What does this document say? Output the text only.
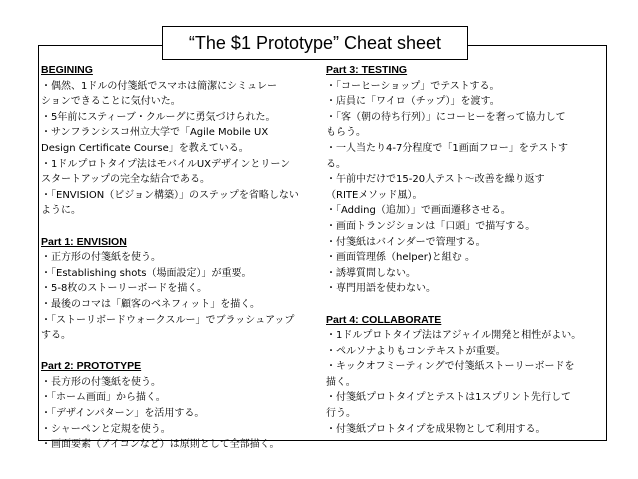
“The $1 Prototype” Cheat sheet
BEGINING
・偶然、1ドルの付箋紙でスマホは簡潔にシミュレー
ションできることに気付いた。
・5年前にスティーブ・クルーグに勇気づけられた。
・サンフランシスコ州立大学で「Agile Mobile UX
Design Certificate Course」を教えている。
・1ドルプロトタイプ法はモバイルUXデザインとリーン
スタートアップの完全な結合である。
・「ENVISION（ビジョン構築）」のステップを省略しない
ように。
Part 1: ENVISION
・正方形の付箋紙を使う。
・「Establishing shots（場面設定）」が重要。
・5-8枚のストーリーボードを描く。
・最後のコマは「顧客のベネフィット」を描く。
・「ストーリボードウォークスルー」でブラッシュアップ
する。
Part 2: PROTOTYPE
・長方形の付箋紙を使う。
・「ホーム画面」から描く。
・「デザインパターン」を活用する。
・シャーペンと定規を使う。
・画面要素（アイコンなど）は原則として全部描く。
Part 3: TESTING
・「コーヒーショップ」でテストする。
・店員に「ワイロ（チップ）」を渡す。
・「客（朝の待ち行列）」にコーヒーを奢って協力して
もらう。
・一人当たり4-7分程度で「1画面フロー」をテストす
る。
・午前中だけで15-20人テスト～改善を繰り返す
（RITEメソッド風）。
・「Adding（追加）」で画面遷移させる。
・画面トランジションは「口頭」で描写する。
・付箋紙はバインダーで管理する。
・画面管理係（helper)と組む 。
・誘導質問しない。
・専門用語を使わない。
Part 4: COLLABORATE
・1ドルプロトタイプ法はアジャイル開発と相性がよい。
・ペルソナよりもコンテキストが重要。
・キックオフミーティングで付箋紙ストーリーボードを
描く。
・付箋紙プロトタイプとテストは1スプリント先行して
行う。
・付箋紙プロトタイプを成果物として利用する。
